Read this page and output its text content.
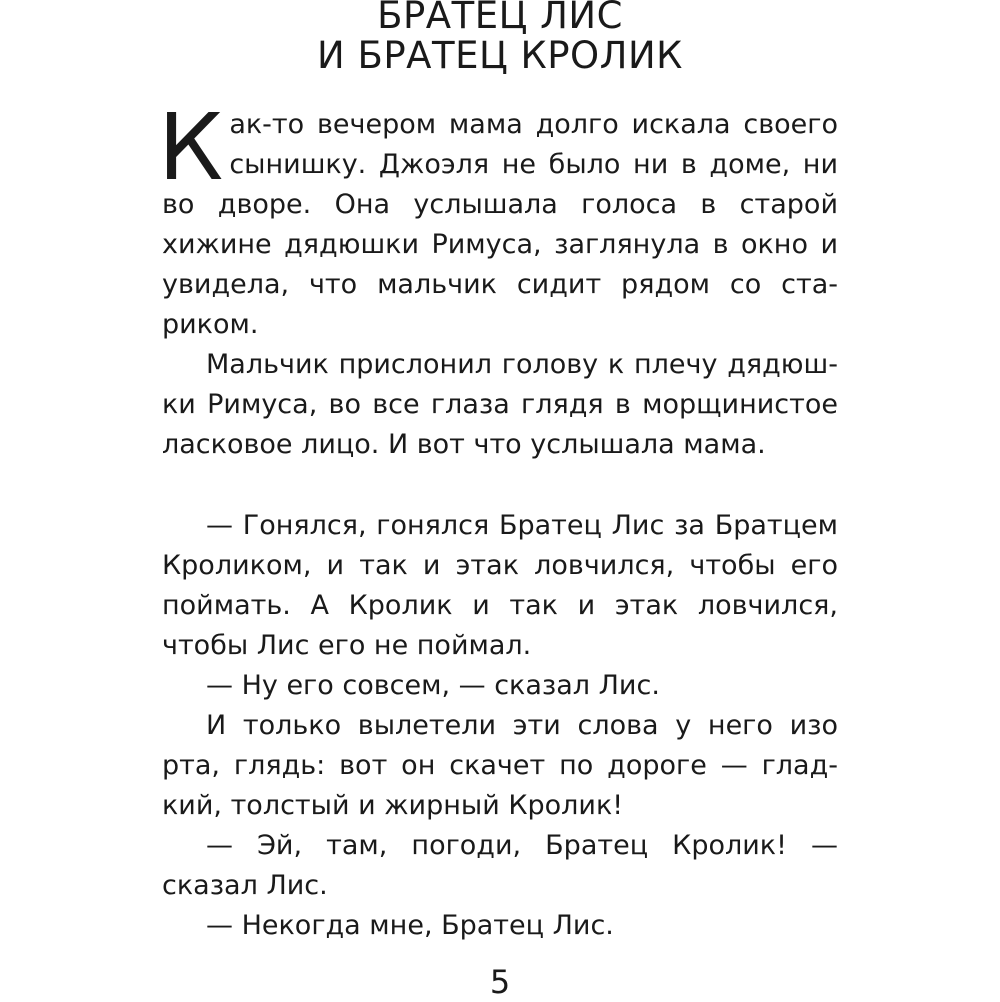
БРАТЕЦ ЛИС
И БРАТЕЦ КРОЛИК

Как-то вечером мама долго искала своего сынишку. Джоэля не было ни в доме, ни во дворе. Она услышала голоса в старой хижине дядюшки Римуса, заглянула в окно и увидела, что мальчик сидит рядом со стариком.

Мальчик прислонил голову к плечу дядюшки Римуса, во все глаза глядя в морщинистое ласковое лицо. И вот что услышала мама.

— Гонялся, гонялся Братец Лис за Братцем Кроликом, и так и этак ловчился, чтобы его поймать. А Кролик и так и этак ловчился, чтобы Лис его не поймал.

— Ну его совсем, — сказал Лис.

И только вылетели эти слова у него изо рта, глядь: вот он скачет по дороге — гладкий, толстый и жирный Кролик!

— Эй, там, погоди, Братец Кролик! — сказал Лис.

— Некогда мне, Братец Лис.

5
